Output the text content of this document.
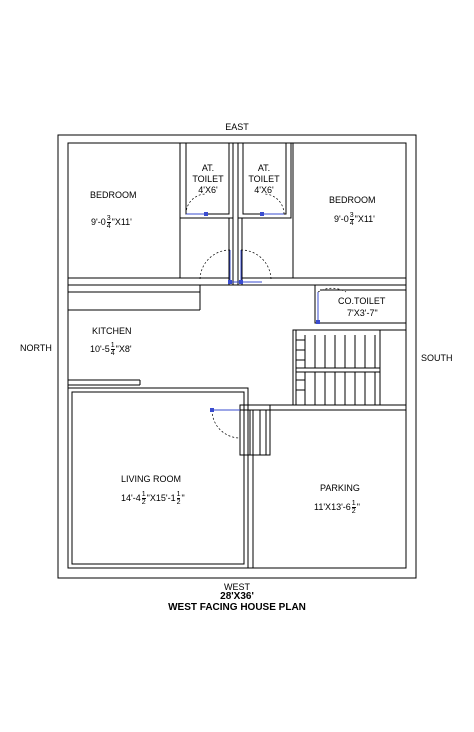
EAST
NORTH
SOUTH
WEST
28'X36'
WEST FACING HOUSE PLAN
BEDROOM
$9'-0 \frac{3}{4}$ "X11'
AT.
TOILET
4'X6'
AT.
TOILET
4'X6'
BEDROOM
$9'-0 \frac{3}{4}$ "X11'
CO.TOILET
7'X3'-7"
KITCHEN
$10'-5 \frac{1}{4}$ "X8'
LIVING ROOM
$14'-4 \frac{1}{2}$ "$X15'-1 \frac{1}{2}$ "
PARKING
$11'X13'-6 \frac{1}{2}$ "
